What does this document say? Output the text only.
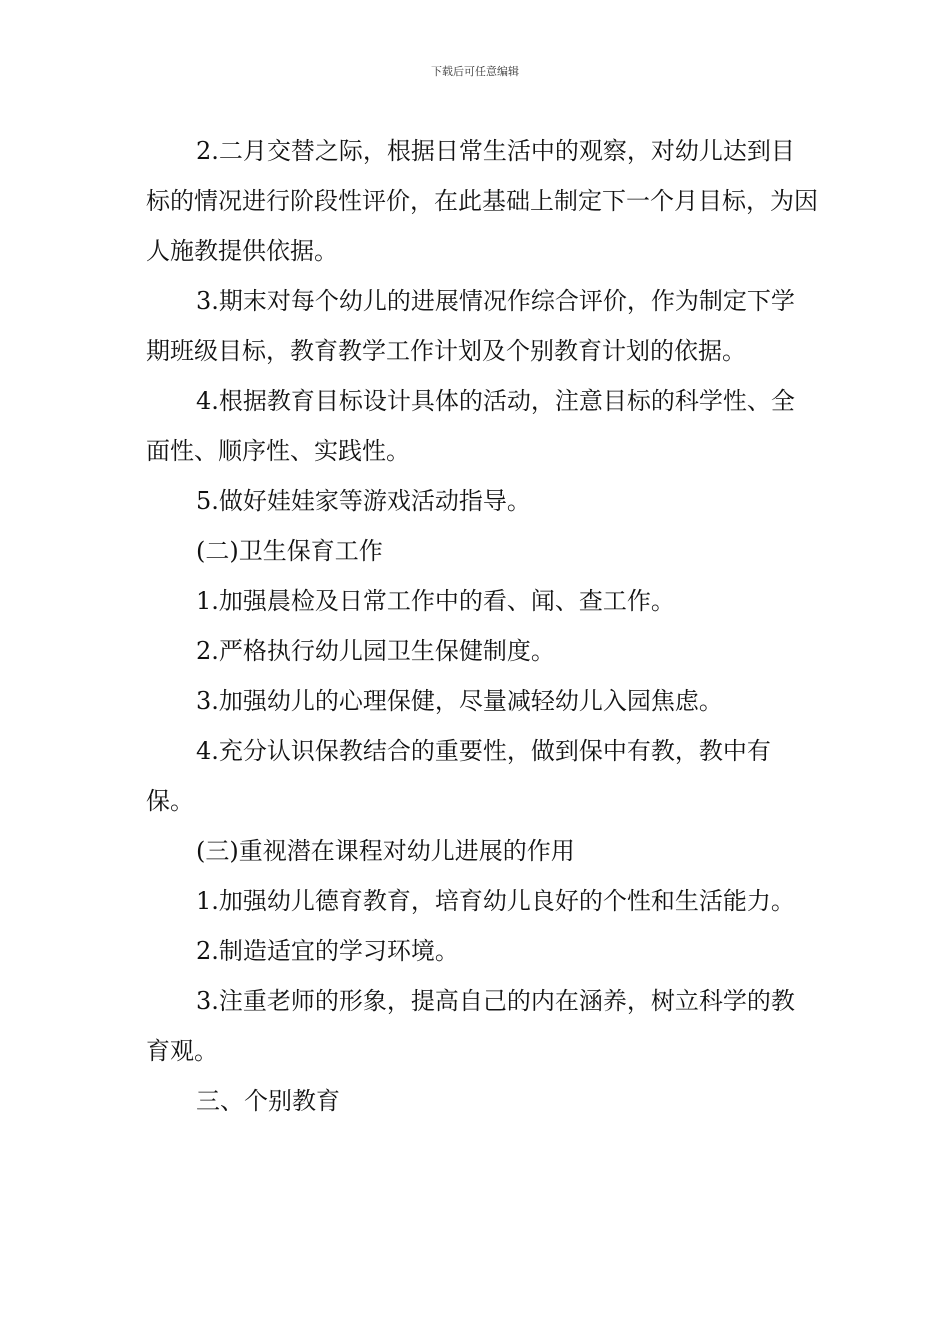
下载后可任意编辑

2.二月交替之际，根据日常生活中的观察，对幼儿达到目标的情况进行阶段性评价，在此基础上制定下一个月目标，为因人施教提供依据。

3.期末对每个幼儿的进展情况作综合评价，作为制定下学期班级目标，教育教学工作计划及个别教育计划的依据。

4.根据教育目标设计具体的活动，注意目标的科学性、全面性、顺序性、实践性。

5.做好娃娃家等游戏活动指导。

(二)卫生保育工作

1.加强晨检及日常工作中的看、闻、查工作。

2.严格执行幼儿园卫生保健制度。

3.加强幼儿的心理保健，尽量减轻幼儿入园焦虑。

4.充分认识保教结合的重要性，做到保中有教，教中有保。

(三)重视潜在课程对幼儿进展的作用

1.加强幼儿德育教育，培育幼儿良好的个性和生活能力。

2.制造适宜的学习环境。

3.注重老师的形象，提高自己的内在涵养，树立科学的教育观。

三、个别教育
